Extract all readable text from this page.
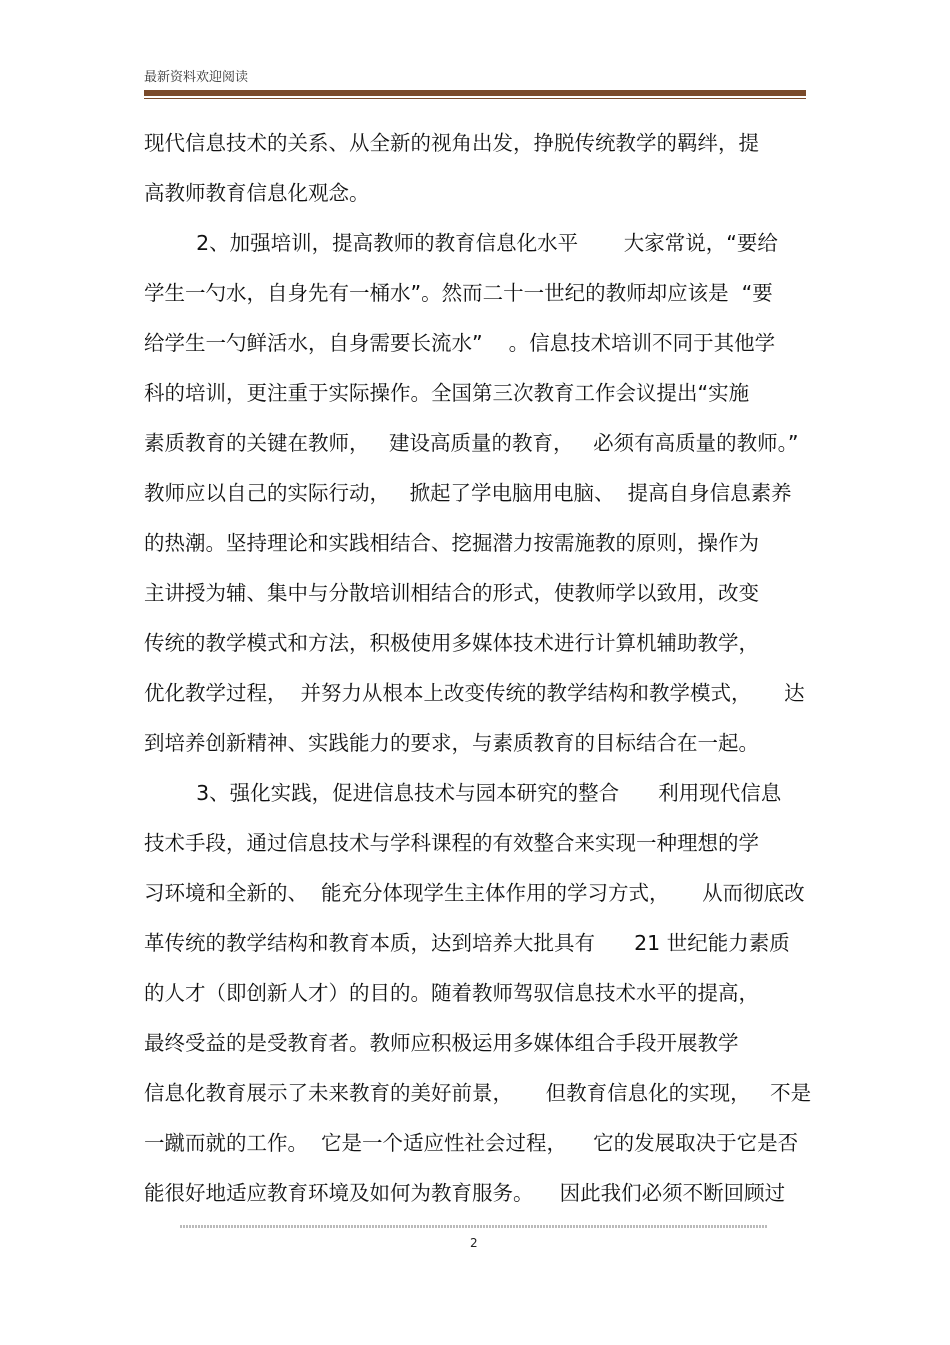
最新资料欢迎阅读
现代信息技术的关系、从全新的视角出发，挣脱传统教学的羁绊，提
高教师教育信息化观念。
2、加强培训，提高教师的教育信息化水平       大家常说，“要给
学生一勺水，自身先有一桶水”。然而二十一世纪的教师却应该是  “要
给学生一勺鲜活水，自身需要长流水”    。信息技术培训不同于其他学
科的培训，更注重于实际操作。全国第三次教育工作会议提出“实施
素质教育的关键在教师，   建设高质量的教育，   必须有高质量的教师。”
教师应以自己的实际行动，   掀起了学电脑用电脑、  提高自身信息素养
的热潮。坚持理论和实践相结合、挖掘潜力按需施教的原则，操作为
主讲授为辅、集中与分散培训相结合的形式，使教师学以致用，改变
传统的教学模式和方法，积极使用多媒体技术进行计算机辅助教学，
优化教学过程，  并努力从根本上改变传统的教学结构和教学模式，     达
到培养创新精神、实践能力的要求，与素质教育的目标结合在一起。
3、强化实践，促进信息技术与园本研究的整合      利用现代信息
技术手段，通过信息技术与学科课程的有效整合来实现一种理想的学
习环境和全新的、  能充分体现学生主体作用的学习方式，     从而彻底改
革传统的教学结构和教育本质，达到培养大批具有      21 世纪能力素质
的人才（即创新人才）的目的。随着教师驾驭信息技术水平的提高，
最终受益的是受教育者。教师应积极运用多媒体组合手段开展教学
信息化教育展示了未来教育的美好前景，     但教育信息化的实现，   不是
一蹴而就的工作。  它是一个适应性社会过程，    它的发展取决于它是否
能很好地适应教育环境及如何为教育服务。    因此我们必须不断回顾过
2
